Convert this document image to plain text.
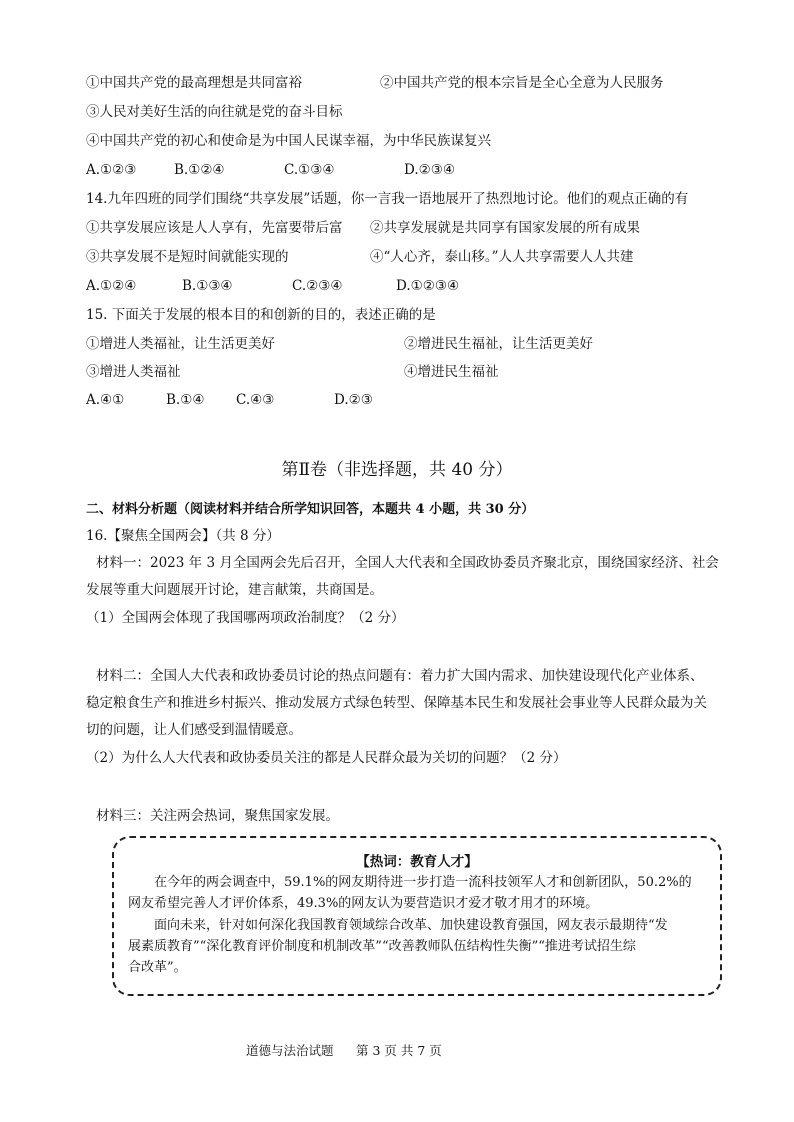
①中国共产党的最高理想是共同富裕	②中国共产党的根本宗旨是全心全意为人民服务
③人民对美好生活的向往就是党的奋斗目标
④中国共产党的初心和使命是为中国人民谋幸福，为中华民族谋复兴
A.①②③	B.①②④	C.①③④	D.②③④
14.九年四班的同学们围绕“共享发展”话题，你一言我一语地展开了热烈地讨论。他们的观点正确的有
①共享发展应该是人人享有，先富要带后富 ②共享发展就是共同享有国家发展的所有成果
③共享发展不是短时间就能实现的	④“人心齐，泰山移。”人人共享需要人人共建
A.①②④	B.①③④	C.②③④	D.①②③④
15. 下面关于发展的根本目的和创新的目的，表述正确的是
①增进人类福祉，让生活更美好	②增进民生福祉，让生活更美好
③增进人类福祉	④增进民生福祉
A.④①	B.①④ C.④③	D.②③
第Ⅱ卷（非选择题，共 40 分）
二、材料分析题（阅读材料并结合所学知识回答，本题共 4 小题，共 30 分）
16.【聚焦全国两会】（共 8 分）
材料一：2023 年 3 月全国两会先后召开，全国人大代表和全国政协委员齐聚北京，围绕国家经济、社会
发展等重大问题展开讨论，建言献策，共商国是。
（1）全国两会体现了我国哪两项政治制度？（2 分）
材料二：全国人大代表和政协委员讨论的热点问题有：着力扩大国内需求、加快建设现代化产业体系、
稳定粮食生产和推进乡村振兴、推动发展方式绿色转型、保障基本民生和发展社会事业等人民群众最为关
切的问题，让人们感受到温情暖意。
（2）为什么人大代表和政协委员关注的都是人民群众最为关切的问题？（2 分）
材料三：关注两会热词，聚焦国家发展。
【热词：教育人才】
在今年的两会调查中，59.1%的网友期待进一步打造一流科技领军人才和创新团队，50.2%的
网友希望完善人才评价体系，49.3%的网友认为要营造识才爱才敬才用才的环境。
面向未来，针对如何深化我国教育领域综合改革、加快建设教育强国，网友表示最期待“发
展素质教育”“深化教育评价制度和机制改革”“改善教师队伍结构性失衡”“推进考试招生综
合改革”。
道德与法治试题 第 3 页 共 7 页
